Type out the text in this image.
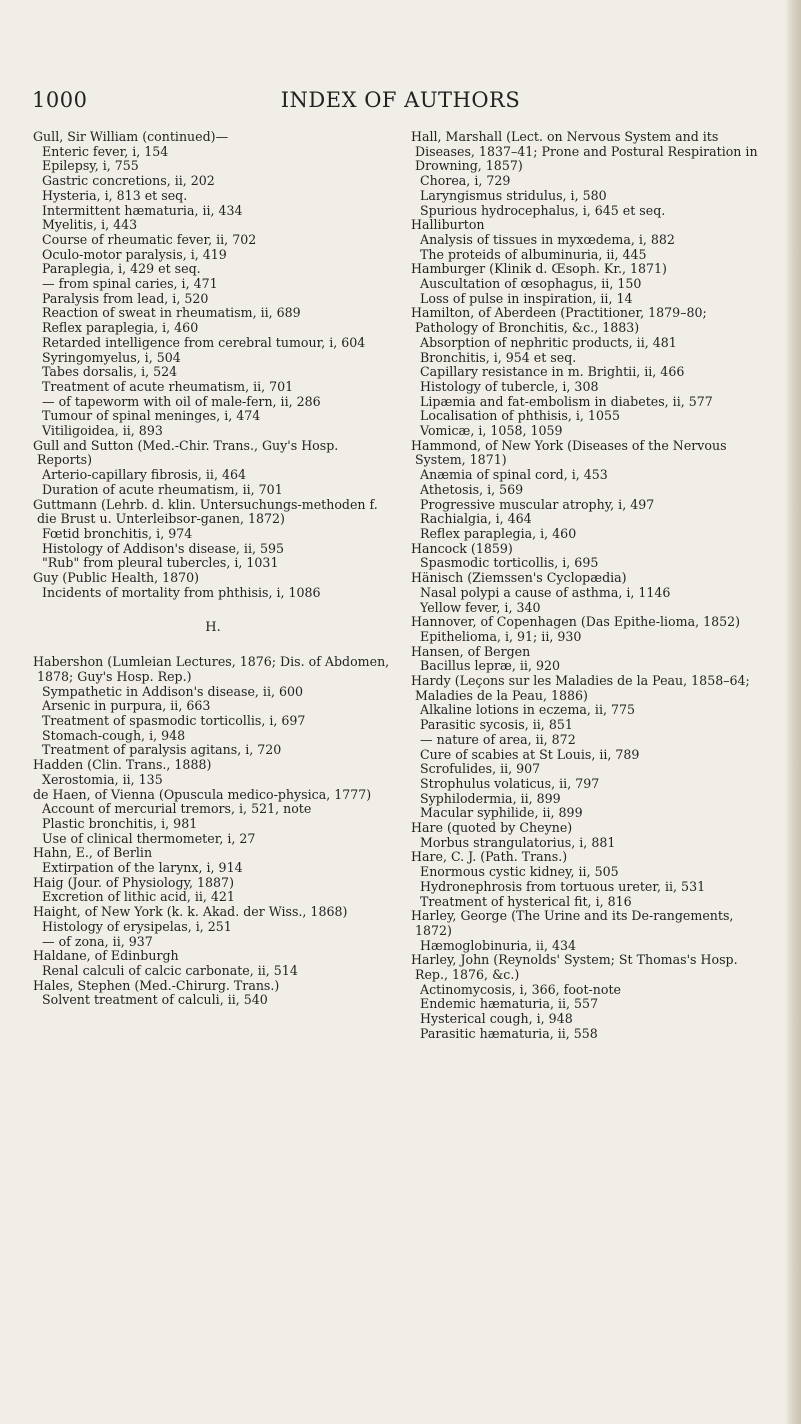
1000	INDEX OF AUTHORS
Gull, Sir William (continued)—
Enteric fever, i, 154
Epilepsy, i, 755
Gastric concretions, ii, 202
Hysteria, i, 813 et seq.
Intermittent hæmaturia, ii, 434
Myelitis, i, 443
Course of rheumatic fever, ii, 702
Oculo-motor paralysis, i, 419
Paraplegia, i, 429 et seq.
— from spinal caries, i, 471
Paralysis from lead, i, 520
Reaction of sweat in rheumatism, ii, 689
Reflex paraplegia, i, 460
Retarded intelligence from cerebral tumour, i, 604
Syringomyelus, i, 504
Tabes dorsalis, i, 524
Treatment of acute rheumatism, ii, 701
— of tapeworm with oil of male-fern, ii, 286
Tumour of spinal meninges, i, 474
Vitiligoidea, ii, 893
Gull and Sutton (Med.-Chir. Trans., Guy's Hosp. Reports)
Arterio-capillary fibrosis, ii, 464
Duration of acute rheumatism, ii, 701
Guttmann (Lehrb. d. klin. Untersuchungs-methoden f. die Brust u. Unterleibsor-ganen, 1872)
Fœtid bronchitis, i, 974
Histology of Addison's disease, ii, 595
"Rub" from pleural tubercles, i, 1031
Guy (Public Health, 1870)
Incidents of mortality from phthisis, i, 1086
H.
Habershon (Lumleian Lectures, 1876; Dis. of Abdomen, 1878; Guy's Hosp. Rep.)
Sympathetic in Addison's disease, ii, 600
Arsenic in purpura, ii, 663
Treatment of spasmodic torticollis, i, 697
Stomach-cough, i, 948
Treatment of paralysis agitans, i, 720
Hadden (Clin. Trans., 1888)
Xerostomia, ii, 135
de Haen, of Vienna (Opuscula medico-physica, 1777)
Account of mercurial tremors, i, 521, note
Plastic bronchitis, i, 981
Use of clinical thermometer, i, 27
Hahn, E., of Berlin
Extirpation of the larynx, i, 914
Haig (Jour. of Physiology, 1887)
Excretion of lithic acid, ii, 421
Haight, of New York (k. k. Akad. der Wiss., 1868)
Histology of erysipelas, i, 251
— of zona, ii, 937
Haldane, of Edinburgh
Renal calculi of calcic carbonate, ii, 514
Hales, Stephen (Med.-Chirurg. Trans.)
Solvent treatment of calculi, ii, 540
Hall, Marshall (Lect. on Nervous System and its Diseases, 1837–41; Prone and Postural Respiration in Drowning, 1857)
Chorea, i, 729
Laryngismus stridulus, i, 580
Spurious hydrocephalus, i, 645 et seq.
Halliburton
Analysis of tissues in myxœdema, i, 882
The proteids of albuminuria, ii, 445
Hamburger (Klinik d. Œsoph. Kr., 1871)
Auscultation of œsophagus, ii, 150
Loss of pulse in inspiration, ii, 14
Hamilton, of Aberdeen (Practitioner, 1879–80; Pathology of Bronchitis, &c., 1883)
Absorption of nephritic products, ii, 481
Bronchitis, i, 954 et seq.
Capillary resistance in m. Brightii, ii, 466
Histology of tubercle, i, 308
Lipæmia and fat-embolism in diabetes, ii, 577
Localisation of phthisis, i, 1055
Vomicæ, i, 1058, 1059
Hammond, of New York (Diseases of the Nervous System, 1871)
Anæmia of spinal cord, i, 453
Athetosis, i, 569
Progressive muscular atrophy, i, 497
Rachialgia, i, 464
Reflex paraplegia, i, 460
Hancock (1859)
Spasmodic torticollis, i, 695
Hänisch (Ziemssen's Cyclopædia)
Nasal polypi a cause of asthma, i, 1146
Yellow fever, i, 340
Hannover, of Copenhagen (Das Epithe-lioma, 1852)
Epithelioma, i, 91; ii, 930
Hansen, of Bergen
Bacillus lepræ, ii, 920
Hardy (Leçons sur les Maladies de la Peau, 1858–64; Maladies de la Peau, 1886)
Alkaline lotions in eczema, ii, 775
Parasitic sycosis, ii, 851
— nature of area, ii, 872
Cure of scabies at St Louis, ii, 789
Scrofulides, ii, 907
Strophulus volaticus, ii, 797
Syphilodermia, ii, 899
Macular syphilide, ii, 899
Hare (quoted by Cheyne)
Morbus strangulatorius, i, 881
Hare, C. J. (Path. Trans.)
Enormous cystic kidney, ii, 505
Hydronephrosis from tortuous ureter, ii, 531
Treatment of hysterical fit, i, 816
Harley, George (The Urine and its De-rangements, 1872)
Hæmoglobinuria, ii, 434
Harley, John (Reynolds' System; St Thomas's Hosp. Rep., 1876, &c.)
Actinomycosis, i, 366, foot-note
Endemic hæmaturia, ii, 557
Hysterical cough, i, 948
Parasitic hæmaturia, ii, 558
